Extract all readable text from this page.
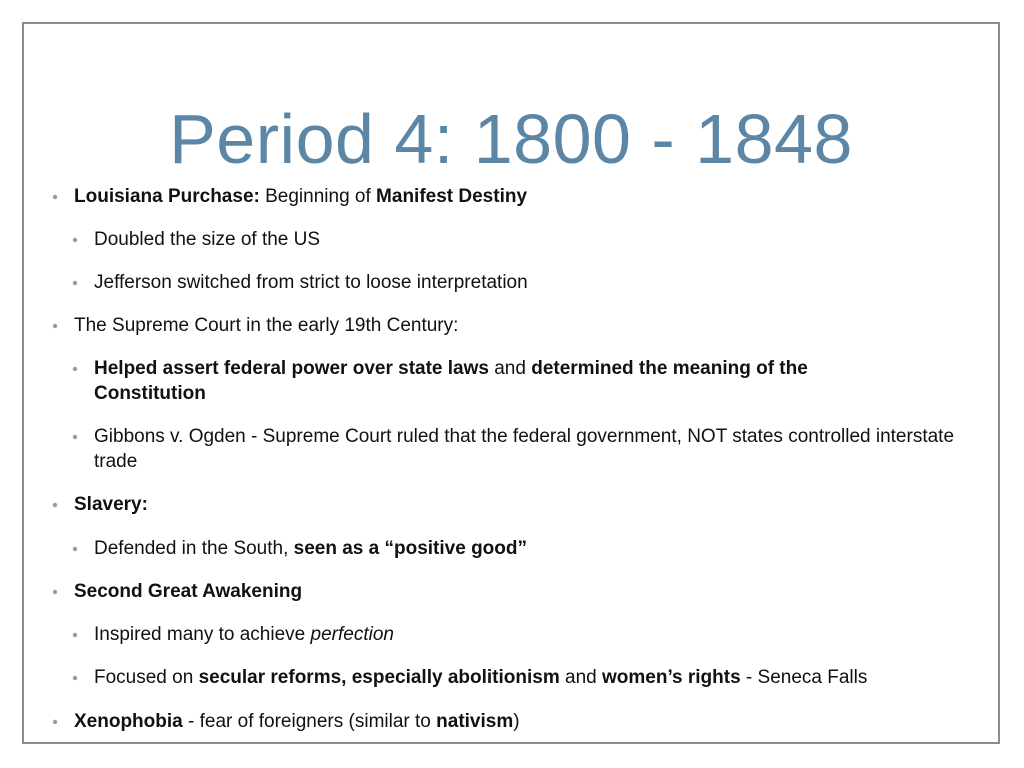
Period 4: 1800 - 1848
Louisiana Purchase: Beginning of Manifest Destiny
Doubled the size of the US
Jefferson switched from strict to loose interpretation
The Supreme Court in the early 19th Century:
Helped assert federal power over state laws and determined the meaning of the Constitution
Gibbons v. Ogden - Supreme Court ruled that the federal government, NOT states controlled interstate trade
Slavery:
Defended in the South, seen as a “positive good”
Second Great Awakening
Inspired many to achieve perfection
Focused on secular reforms, especially abolitionism and women’s rights - Seneca Falls
Xenophobia - fear of foreigners (similar to nativism)
